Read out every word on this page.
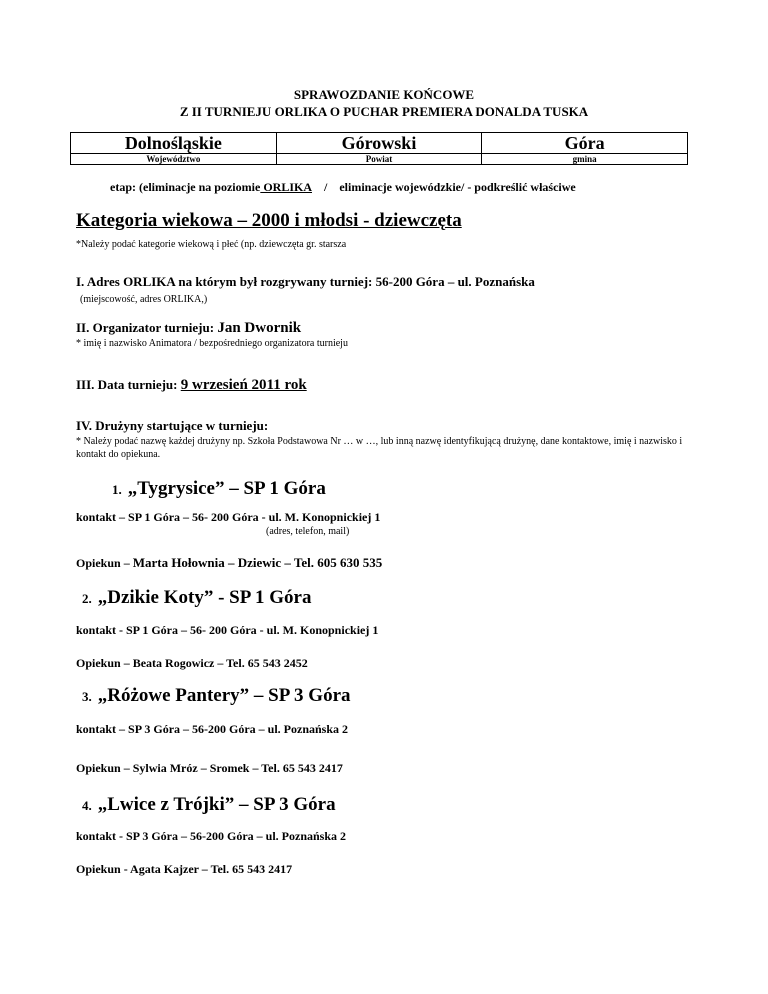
SPRAWOZDANIE KOŃCOWE
Z II TURNIEJU ORLIKA O PUCHAR PREMIERA DONALDA TUSKA
Dolnośląskie	Górowski	Góra
Województwo	Powiat	gmina
etap: (eliminacje na poziomie ORLIKA / eliminacje wojewódzkie/ - podkreślić właściwe
Kategoria wiekowa – 2000 i młodsi - dziewczęta
*Należy podać kategorie wiekową i płeć (np. dziewczęta gr. starsza
I. Adres ORLIKA na którym był rozgrywany turniej: 56-200 Góra – ul. Poznańska
(miejscowość, adres ORLIKA,)
II. Organizator turnieju: Jan Dwornik
* imię i nazwisko Animatora / bezpośredniego organizatora turnieju
III. Data turnieju: 9 wrzesień 2011 rok
IV. Drużyny startujące w turnieju:
* Należy podać nazwę każdej drużyny np. Szkoła Podstawowa Nr … w …, lub inną nazwę identyfikującą drużynę, dane kontaktowe, imię i nazwisko i kontakt do opiekuna.
1. „Tygrysice” – SP 1 Góra
kontakt – SP 1 Góra – 56- 200 Góra - ul. M. Konopnickiej 1
(adres, telefon, mail)
Opiekun – Marta Hołownia – Dziewic – Tel. 605 630 535
2. „Dzikie Koty” - SP 1 Góra
kontakt - SP 1 Góra – 56- 200 Góra - ul. M. Konopnickiej 1
Opiekun – Beata Rogowicz – Tel. 65 543 2452
3. „Różowe Pantery” – SP 3 Góra
kontakt – SP 3 Góra – 56-200 Góra – ul. Poznańska 2
Opiekun – Sylwia Mróz – Sromek – Tel. 65 543 2417
4. „Lwice z Trójki” – SP 3 Góra
kontakt - SP 3 Góra – 56-200 Góra – ul. Poznańska 2
Opiekun - Agata Kajzer – Tel. 65 543 2417
